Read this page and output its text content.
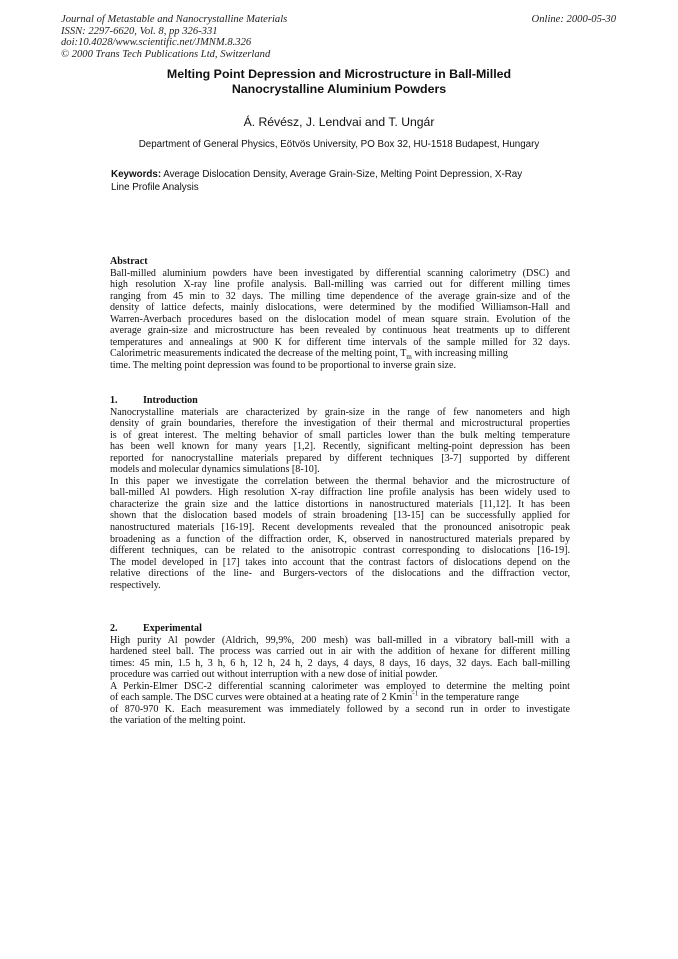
Journal of Metastable and Nanocrystalline Materials
ISSN: 2297-6620, Vol. 8, pp 326-331
doi:10.4028/www.scientific.net/JMNM.8.326
© 2000 Trans Tech Publications Ltd, Switzerland
Online: 2000-05-30
Melting Point Depression and Microstructure in Ball-Milled
Nanocrystalline Aluminium Powders
Á. Révész, J. Lendvai and T. Ungár
Department of General Physics, Eötvös University, PO Box 32, HU-1518 Budapest, Hungary
Keywords: Average Dislocation Density, Average Grain-Size, Melting Point Depression, X-Ray
Line Profile Analysis
Abstract
Ball-milled aluminium powders have been investigated by differential scanning calorimetry (DSC) and
high resolution X-ray line profile analysis. Ball-milling was carried out for different milling times
ranging from 45 min to 32 days. The milling time dependence of the average grain-size and of the
density of lattice defects, mainly dislocations, were determined by the modified Williamson-Hall and
Warren-Averbach procedures based on the dislocation model of mean square strain. Evolution of the
average grain-size and microstructure has been revealed by continuous heat treatments up to different
temperatures and annealings at 900 K for different time intervals of the sample milled for 32 days.
Calorimetric measurements indicated the decrease of the melting point, $T_m$ with increasing milling
time. The melting point depression was found to be proportional to inverse grain size.
1.	Introduction
Nanocrystalline materials are characterized by grain-size in the range of few nanometers and high
density of grain boundaries, therefore the investigation of their thermal and microstructural properties
is of great interest. The melting behavior of small particles lower than the bulk melting temperature
has been well known for many years [1,2]. Recently, significant melting-point depression has been
reported for nanocrystalline materials prepared by different techniques [3-7] supported by different
models and molecular dynamics simulations [8-10].
In this paper we investigate the correlation between the thermal behavior and the microstructure of
ball-milled Al powders. High resolution X-ray diffraction line profile analysis has been widely used to
characterize the grain size and the lattice distortions in nanostructured materials [11,12]. It has been
shown that the dislocation based models of strain broadening [13-15] can be successfully applied for
nanostructured materials [16-19]. Recent developments revealed that the pronounced anisotropic peak
broadening as a function of the diffraction order, K, observed in nanostructured materials prepared by
different techniques, can be related to the anisotropic contrast corresponding to dislocations [16-19].
The model developed in [17] takes into account that the contrast factors of dislocations depend on the
relative directions of the line- and Burgers-vectors of the dislocations and the diffraction vector,
respectively.
2.	Experimental
High purity Al powder (Aldrich, 99,9%, 200 mesh) was ball-milled in a vibratory ball-mill with a
hardened steel ball. The process was carried out in air with the addition of hexane for different milling
times: 45 min, 1.5 h, 3 h, 6 h, 12 h, 24 h, 2 days, 4 days, 8 days, 16 days, 32 days. Each ball-milling
procedure was carried out without interruption with a new dose of initial powder.
A Perkin-Elmer DSC-2 differential scanning calorimeter was employed to determine the melting point
of each sample. The DSC curves were obtained at a heating rate of 2 Kmin$^{-1}$ in the temperature range
of 870-970 K. Each measurement was immediately followed by a second run in order to investigate
the variation of the melting point.
